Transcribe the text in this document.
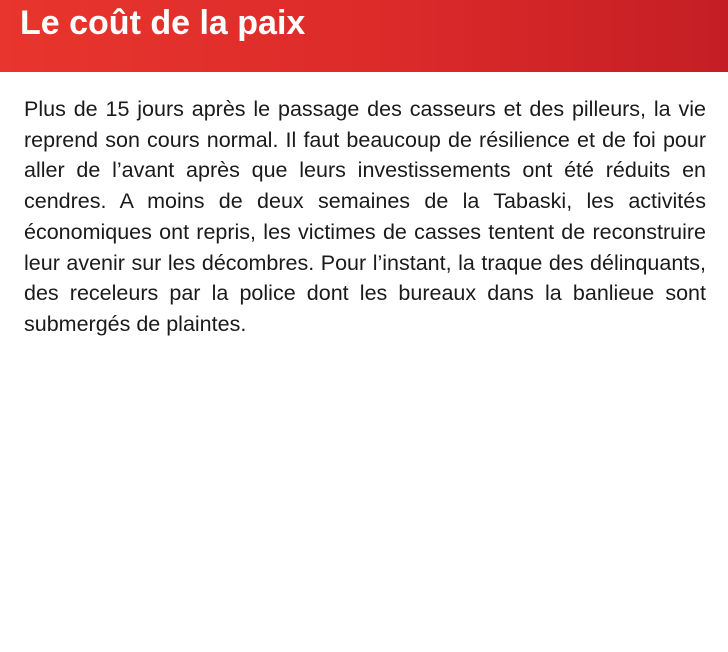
Le coût de la paix

Plus de 15 jours après le passage des casseurs et des pilleurs, la vie reprend son cours normal. Il faut beaucoup de résilience et de foi pour aller de l’avant après que leurs investissements ont été réduits en cendres. A moins de deux semaines de la Tabaski, les activités économiques ont repris, les victimes de casses tentent de reconstruire leur avenir sur les décombres. Pour l’instant, la traque des délinquants, des receleurs par la police dont les bureaux dans la banlieue sont submergés de plaintes.
